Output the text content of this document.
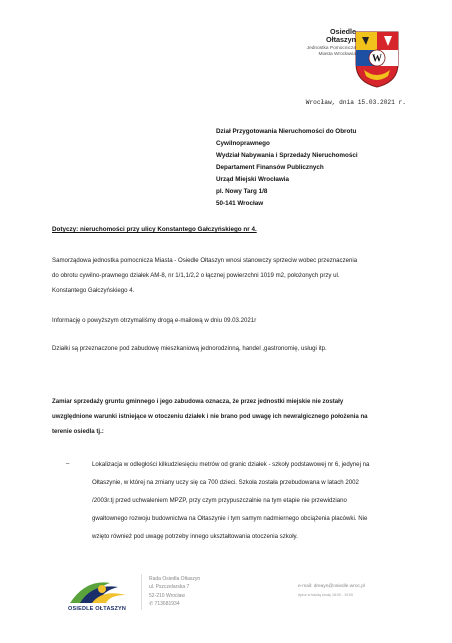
Osiedle
Ołtaszyn
Jednostka Pomocnicza
Miasta Wrocławia W
Wrocław, dnia 15.03.2021 r.
Dział Przygotowania Nieruchomości do Obrotu
Cywilnoprawnego
Wydział Nabywania i Sprzedaży Nieruchomości
Departament Finansów Publicznych
Urząd Miejski Wrocławia
pl. Nowy Targ 1/8
50-141 Wrocław
Dotyczy: nieruchomości przy ulicy Konstantego Gałczyńskiego nr 4.
Samorządowa jednostka pomocnicza Miasta - Osiedle Ołtaszyn wnosi stanowczy sprzeciw wobec przeznaczenia
do obrotu cywilno-prawnego działek AM-8, nr 1/1,1/2,2 o łącznej powierzchni 1019 m2, położonych przy ul.
Konstantego Gałczyńskiego 4.
Informację o powyższym otrzymaliśmy drogą e-mailową w dniu 09.03.2021r
Działki są przeznaczone pod zabudowę mieszkaniową jednorodzinną, handel ,gastronomię, usługi itp.
Zamiar sprzedaży gruntu gminnego i jego zabudowa oznacza, że przez jednostki miejskie nie zostały
uwzględnione warunki istniejące w otoczeniu działek i nie brano pod uwagę ich newralgicznego położenia na
terenie osiedla tj.:
–	Lokalizacja w odległości kilkudziesięciu metrów od granic działek - szkoły podstawowej nr 6, jedynej na
Ołtaszynie, w której na zmiany uczy się ca 700 dzieci. Szkoła została przebudowana w latach 2002
/2003r.tj przed uchwaleniem MPZP, przy czym przypuszczalnie na tym etapie nie przewidziano
gwałtownego rozwoju budownictwa na Ołtaszynie i tym samym nadmiernego obciążenia placówki. Nie
wzięto również pod uwagę potrzeby innego ukształtowania otoczenia szkoły.
OSIEDLE OŁTASZYN
Rada Osiedla Ołtaszyn
ul. Pszczelarska 7
52-210 Wrocław
✆ 713681934
e-mail: dreayn@osiedle.wroc.pl
dyżur w każdą środę 18:00 - 19:00
